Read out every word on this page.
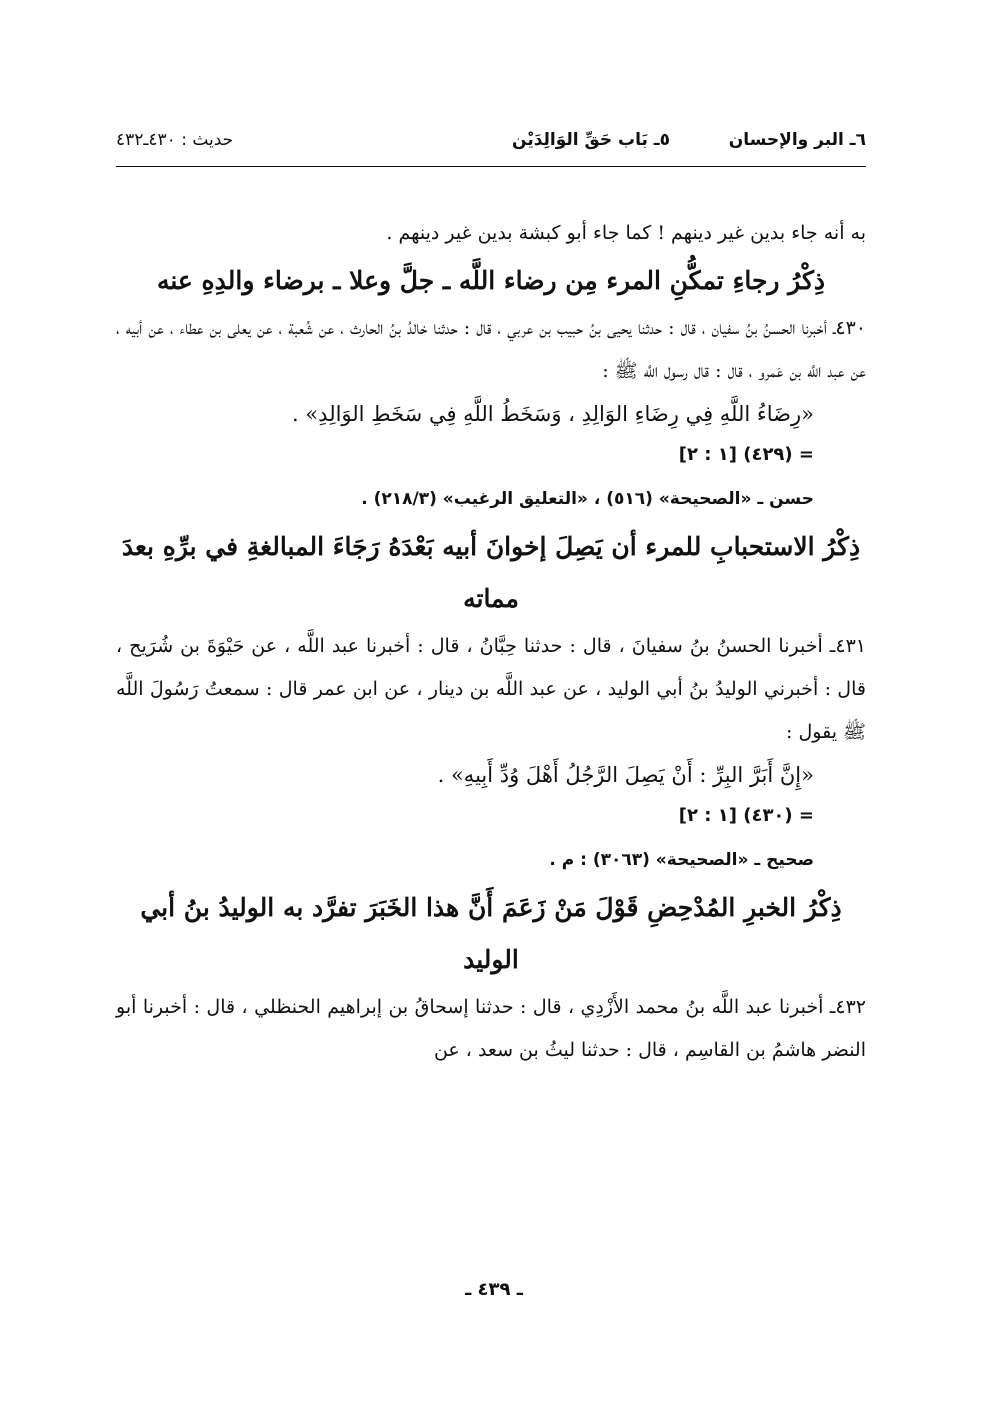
٦ـ البر والإحسان
٥ـ بَاب حَقِّ الوَالِدَيْن
حديث : ٤٣٠ـ٤٣٢

به أنه جاء بدين غير دينهم ! كما جاء أبو كبشة بدين غير دينهم .

ذِكْرُ رجاءِ تمكُّنِ المرء مِن رضاء اللَّه ـ جلَّ وعلا ـ برضاء والدِهِ عنه

٤٣٠ـ أخبرنا الحسنُ بنُ سفيان ، قال : حدثنا يحيى بنُ حبيب بن عربي ، قال : حدثنا خالدُ بنُ الحارث ، عن شُعبة ، عن يعلى بن عطاء ، عن أبيه ، عن عبد اللَّه بن عَمرو ، قال : قال رسول اللَّه ﷺ :

«رِضَاءُ اللَّهِ فِي رِضَاءِ الوَالِدِ ، وَسَخَطُ اللَّهِ فِي سَخَطِ الوَالِدِ» .

= (٤٢٩) [١ : ٢]

حسن ـ «الصحيحة» (٥١٦) ، «التعليق الرغيب» (٢١٨/٣) .

ذِكْرُ الاستحبابِ للمرء أن يَصِلَ إخوانَ أبيه بَعْدَهُ رَجَاءَ المبالغةِ في برِّهِ بعدَ مماته

٤٣١ـ أخبرنا الحسنُ بنُ سفيانَ ، قال : حدثنا حِبَّانُ ، قال : أخبرنا عبد اللَّه ، عن حَيْوَةَ بن شُرَيح ، قال : أخبرني الوليدُ بنُ أبي الوليد ، عن عبد اللَّه بن دينار ، عن ابن عمر قال : سمعتُ رَسُولَ اللَّه ﷺ يقول :

«إِنَّ أَبَرَّ البِرِّ : أَنْ يَصِلَ الرَّجُلُ أَهْلَ وُدِّ أَبِيهِ» .

= (٤٣٠) [١ : ٢]

صحيح ـ «الصحيحة» (٣٠٦٣) : م .

ذِكْرُ الخبرِ المُدْحِضِ قَوْلَ مَنْ زَعَمَ أَنَّ هذا الخَبَرَ تفرَّد به الوليدُ بنُ أبي الوليد

٤٣٢ـ أخبرنا عبد اللَّه بنُ محمد الأَزْدِي ، قال : حدثنا إسحاقُ بن إبراهيم الحنظلي ، قال : أخبرنا أبو النضر هاشمُ بن القاسِم ، قال : حدثنا ليثُ بن سعد ، عن

ـ ٤٣٩ ـ
